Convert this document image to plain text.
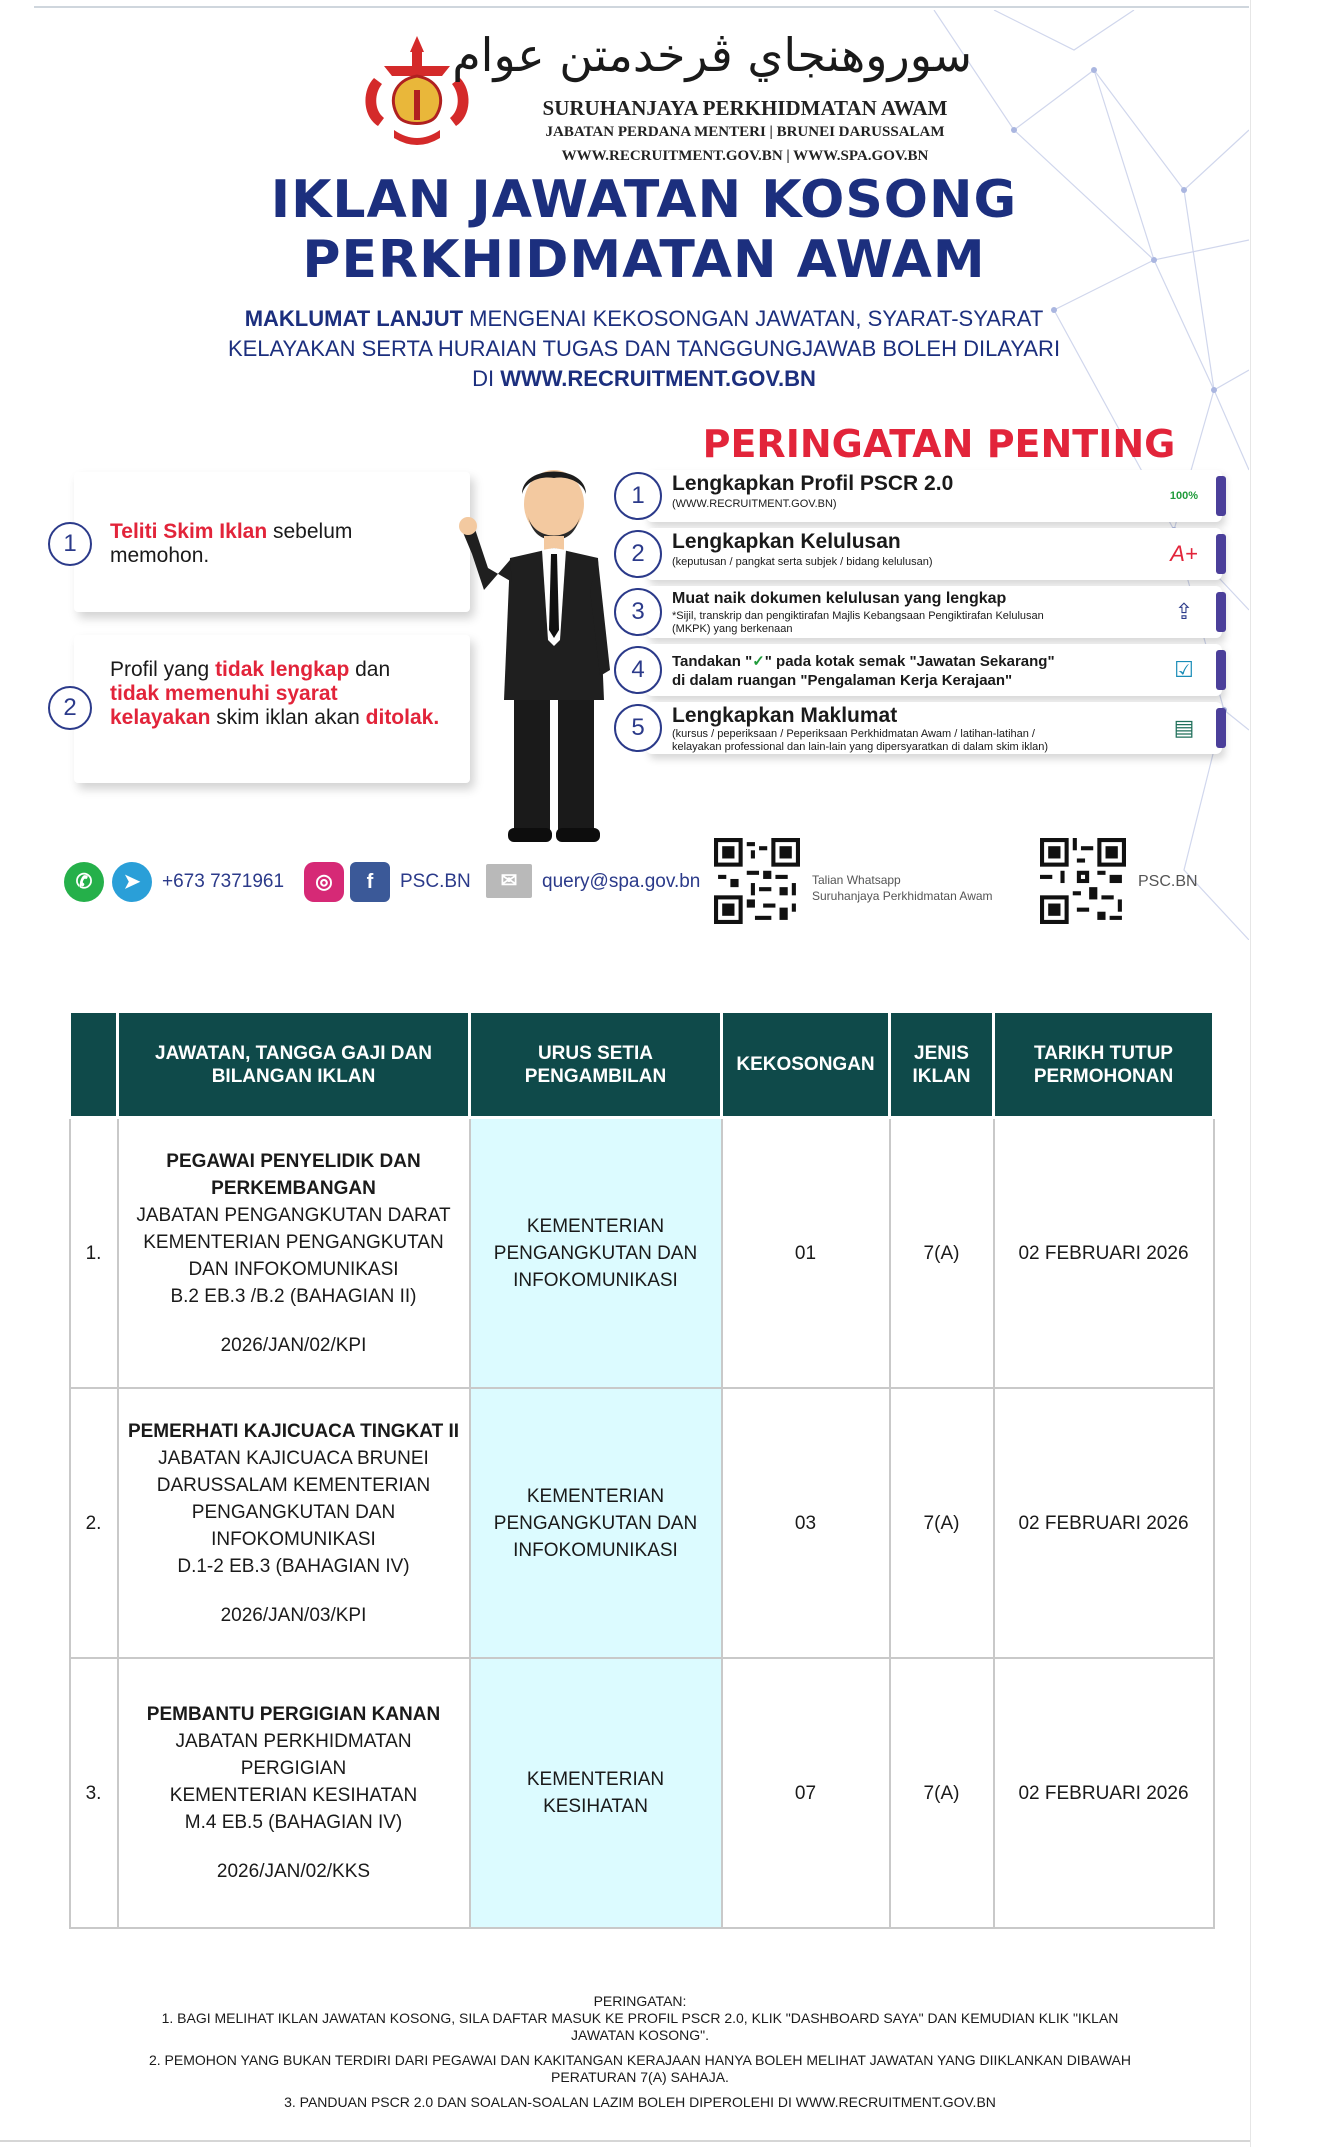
سوروهنجاي ڤرخدمتن عوام
SURUHANJAYA PERKHIDMATAN AWAM
JABATAN PERDANA MENTERI | BRUNEI DARUSSALAM
WWW.RECRUITMENT.GOV.BN | WWW.SPA.GOV.BN
IKLAN JAWATAN KOSONG
PERKHIDMATAN AWAM
MAKLUMAT LANJUT MENGENAI KEKOSONGAN JAWATAN, SYARAT-SYARAT
KELAYAKAN SERTA HURAIAN TUGAS DAN TANGGUNGJAWAB BOLEH DILAYARI
DI WWW.RECRUITMENT.GOV.BN
PERINGATAN PENTING
1	Teliti Skim Iklan sebelum memohon.
2
Profil yang tidak lengkap dan tidak memenuhi syarat kelayakan skim iklan akan ditolak.
1	Lengkapkan Profil PSCR 2.0
(WWW.RECRUITMENT.GOV.BN)
100%
2	Lengkapkan Kelulusan
(keputusan / pangkat serta subjek / bidang kelulusan)	A+
3	Muat naik dokumen kelulusan yang lengkap
*Sijil, transkrip dan pengiktirafan Majlis Kebangsaan Pengiktirafan Kelulusan
(MKPK) yang berkenaan
⇪
4	Tandakan "✓" pada kotak semak "Jawatan Sekarang"
di dalam ruangan "Pengalaman Kerja Kerajaan"	☑
5	Lengkapkan Maklumat
(kursus / peperiksaan / Peperiksaan Perkhidmatan Awam / latihan-latihan /
kelayakan professional dan lain-lain yang dipersyaratkan di dalam skim iklan)
▤
✆	➤	+673 7371961	◎	f	PSC.BN	✉	query@spa.gov.bn	Talian Whatsapp
Suruhanjaya Perkhidmatan Awam
PSC.BN
	JAWATAN, TANGGA GAJI DAN BILANGAN IKLAN	URUS SETIA PENGAMBILAN	KEKOSONGAN	JENIS IKLAN	TARIKH TUTUP PERMOHONAN
1.	PEGAWAI PENYELIDIK DAN PERKEMBANGAN
JABATAN PENGANGKUTAN DARAT
KEMENTERIAN PENGANGKUTAN DAN INFOKOMUNIKASI
B.2 EB.3 /B.2 (BAHAGIAN II)
2026/JAN/02/KPI	KEMENTERIAN PENGANGKUTAN DAN INFOKOMUNIKASI	01	7(A)	02 FEBRUARI 2026
2.	PEMERHATI KAJICUACA TINGKAT II
JABATAN KAJICUACA BRUNEI DARUSSALAM KEMENTERIAN PENGANGKUTAN DAN INFOKOMUNIKASI
D.1-2 EB.3 (BAHAGIAN IV)
2026/JAN/03/KPI	KEMENTERIAN PENGANGKUTAN DAN INFOKOMUNIKASI	03	7(A)	02 FEBRUARI 2026
3.	PEMBANTU PERGIGIAN KANAN
JABATAN PERKHIDMATAN PERGIGIAN
KEMENTERIAN KESIHATAN
M.4 EB.5 (BAHAGIAN IV)
2026/JAN/02/KKS	KEMENTERIAN KESIHATAN	07	7(A)	02 FEBRUARI 2026

PERINGATAN:

1. BAGI MELIHAT IKLAN JAWATAN KOSONG, SILA DAFTAR MASUK KE PROFIL PSCR 2.0, KLIK "DASHBOARD SAYA" DAN KEMUDIAN KLIK "IKLAN JAWATAN KOSONG".

2. PEMOHON YANG BUKAN TERDIRI DARI PEGAWAI DAN KAKITANGAN KERAJAAN HANYA BOLEH MELIHAT JAWATAN YANG DIIKLANKAN DIBAWAH PERATURAN 7(A) SAHAJA.

3. PANDUAN PSCR 2.0 DAN SOALAN-SOALAN LAZIM BOLEH DIPEROLEHI DI WWW.RECRUITMENT.GOV.BN
